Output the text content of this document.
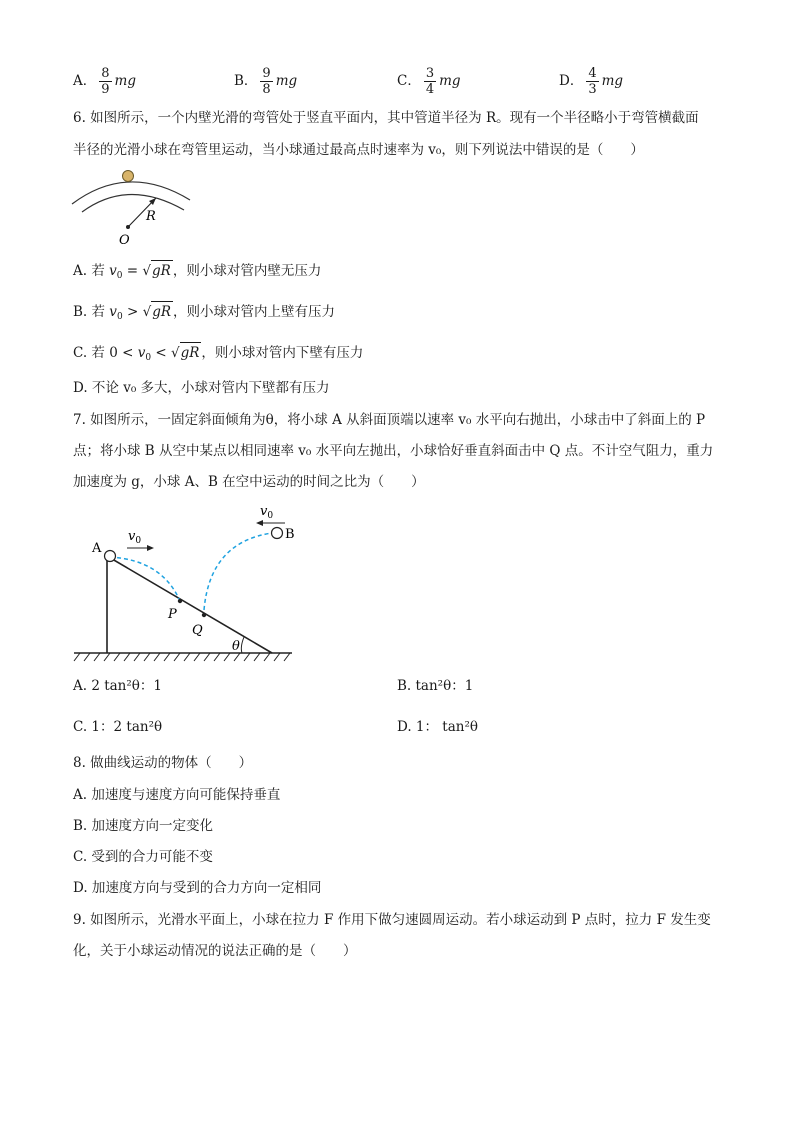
A． $\frac{8}{9}$ mg	B． $\frac{9}{8}$ mg	C． $\frac{3}{4}$ mg	D． $\frac{4}{3}$ mg
6. 如图所示，一个内壁光滑的弯管处于竖直平面内，其中管道半径为 R。现有一个半径略小于弯管横截面
半径的光滑小球在弯管里运动，当小球通过最高点时速率为 v₀，则下列说法中错误的是（　　）
R
O
A. 若 $v_0 = √gR$ ，则小球对管内壁无压力
B. 若 $v_0 > √gR$ ，则小球对管内上壁有压力
C. 若 $0 < v_0 < √gR$ ，则小球对管内下壁有压力
D. 不论 v₀ 多大，小球对管内下壁都有压力
7. 如图所示，一固定斜面倾角为θ，将小球 A 从斜面顶端以速率 v₀ 水平向右抛出，小球击中了斜面上的 P
点；将小球 B 从空中某点以相同速率 v₀ 水平向左抛出，小球恰好垂直斜面击中 Q 点。不计空气阻力，重力
加速度为 g，小球 A、B 在空中运动的时间之比为（　　）
A
B
P
Q
θ
$v_0$
$v_0$
A. 2 tan²θ：1	B. tan²θ：1
C. 1：2 tan²θ	D. 1： tan²θ
8. 做曲线运动的物体（　　）
A. 加速度与速度方向可能保持垂直
B. 加速度方向一定变化
C. 受到的合力可能不变
D. 加速度方向与受到的合力方向一定相同
9. 如图所示，光滑水平面上，小球在拉力 F 作用下做匀速圆周运动。若小球运动到 P 点时，拉力 F 发生变
化，关于小球运动情况的说法正确的是（　　）
